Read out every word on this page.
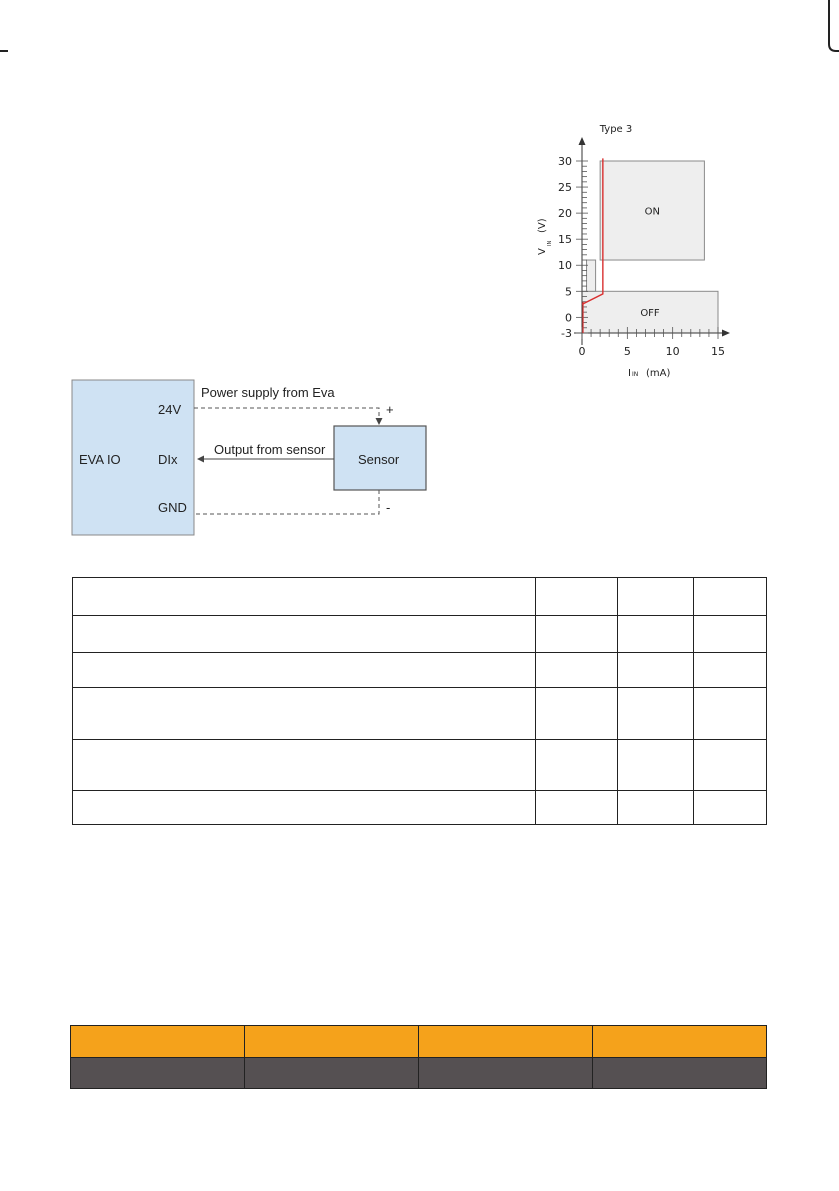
Type 3
ON
OFF
30
25
20
15
10
5
0
-3
0	5	10	15
V
IN
(V)
I IN (mA)
EVA IO
24V
DIx
GND
Sensor
Power supply from Eva
+
Output from sensor
-
